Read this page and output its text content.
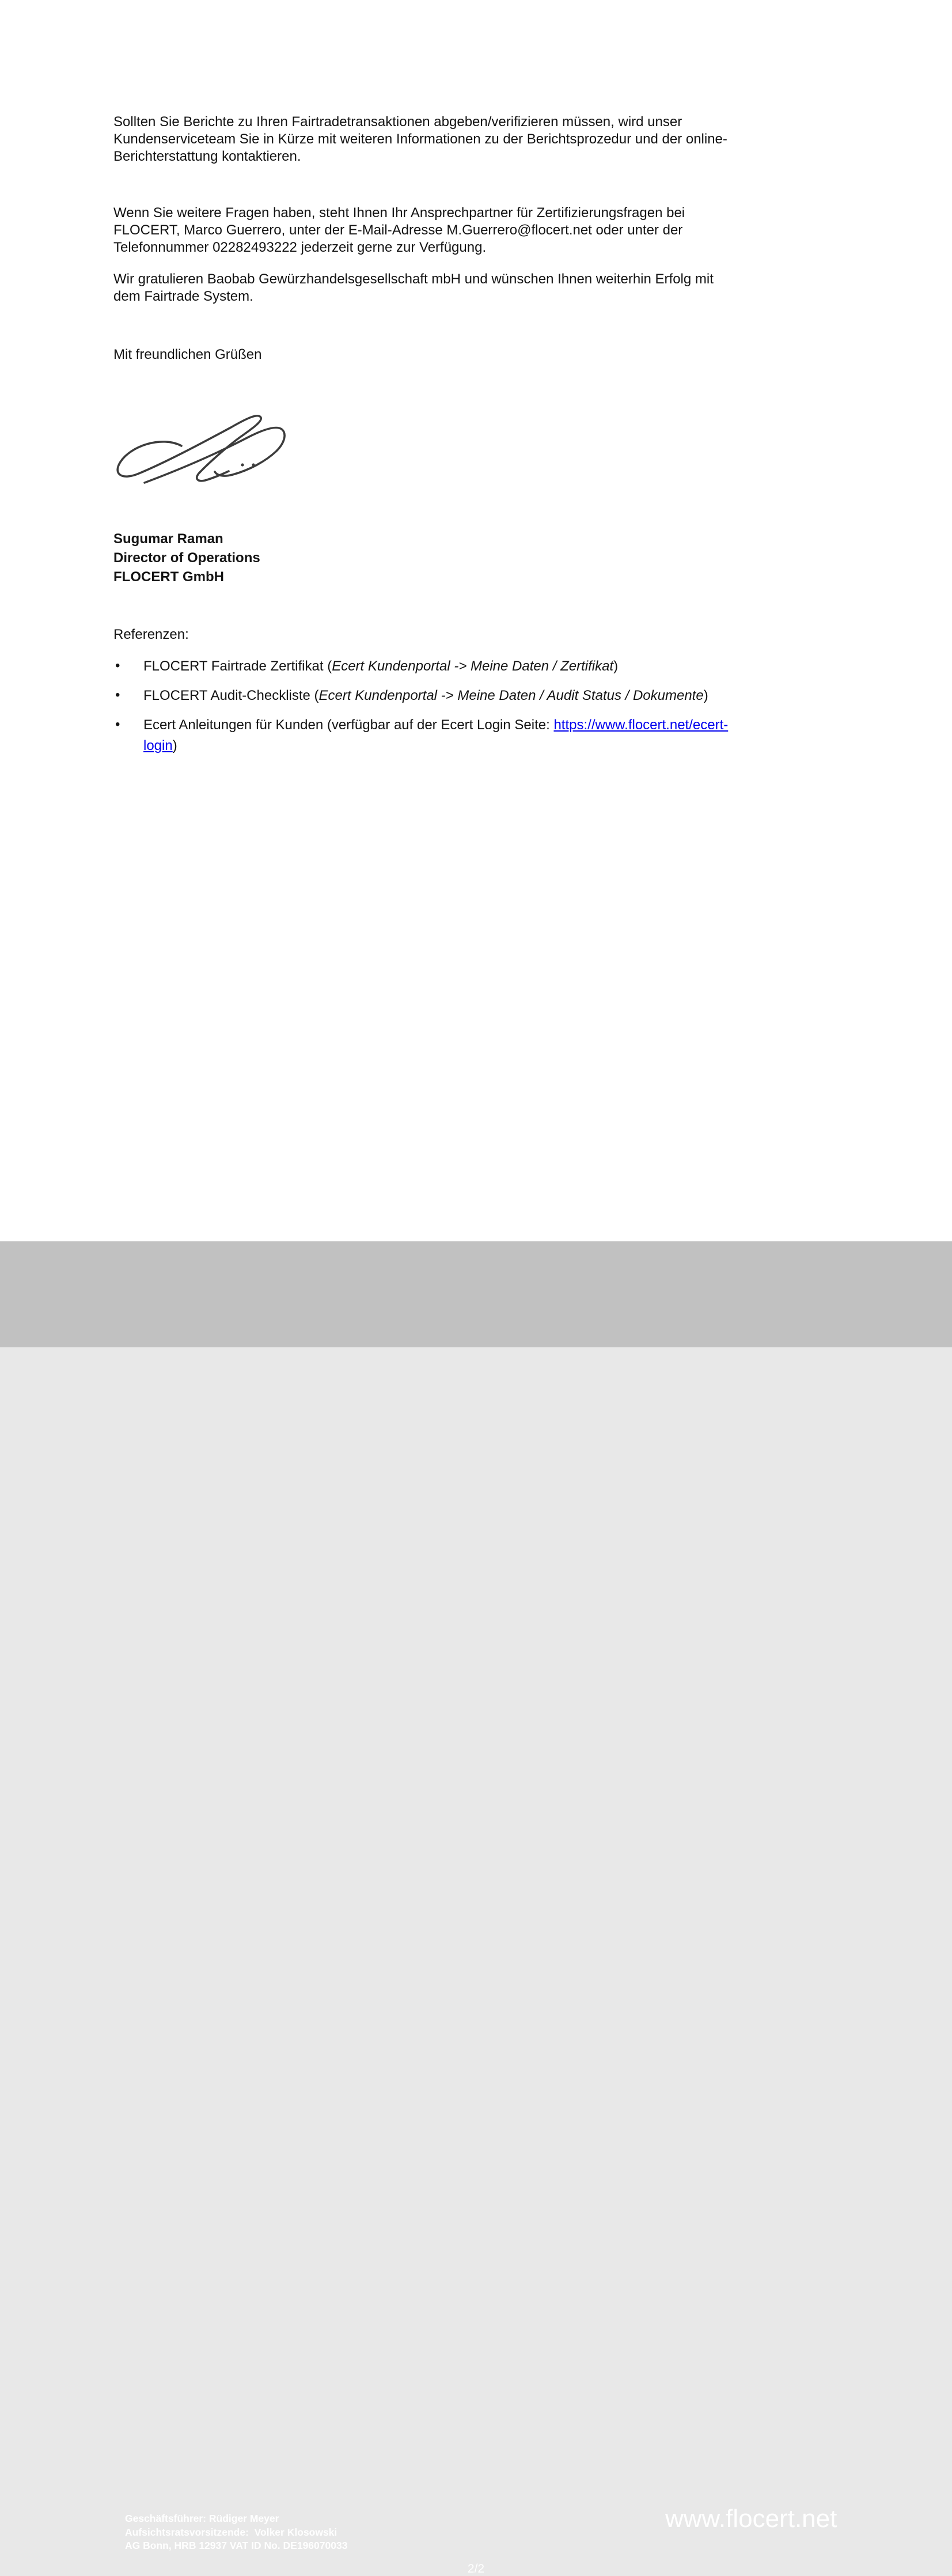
Sollten Sie Berichte zu Ihren Fairtradetransaktionen abgeben/verifizieren müssen, wird unser
Kundenserviceteam Sie in Kürze mit weiteren Informationen zu der Berichtsprozedur und der online-
Berichterstattung kontaktieren.
Wenn Sie weitere Fragen haben, steht Ihnen Ihr Ansprechpartner für Zertifizierungsfragen bei
FLOCERT, Marco Guerrero, unter der E-Mail-Adresse M.Guerrero@flocert.net oder unter der
Telefonnummer 02282493222 jederzeit gerne zur Verfügung.
Wir gratulieren Baobab Gewürzhandelsgesellschaft mbH und wünschen Ihnen weiterhin Erfolg mit
dem Fairtrade System.
Mit freundlichen Grüßen
Sugumar Raman
Director of Operations
FLOCERT GmbH
Referenzen:
• FLOCERT Fairtrade Zertifikat (Ecert Kundenportal -> Meine Daten / Zertifikat)
• FLOCERT Audit-Checkliste (Ecert Kundenportal -> Meine Daten / Audit Status / Dokumente)
• Ecert Anleitungen für Kunden (verfügbar auf der Ecert Login Seite: https://www.flocert.net/ecert-
login)
Geschäftsführer: Rüdiger Meyer
Aufsichtsratsvorsitzende:  Volker Klosowski
AG Bonn, HRB 12937 VAT ID No. DE196070033
www.flocert.net
2/2
